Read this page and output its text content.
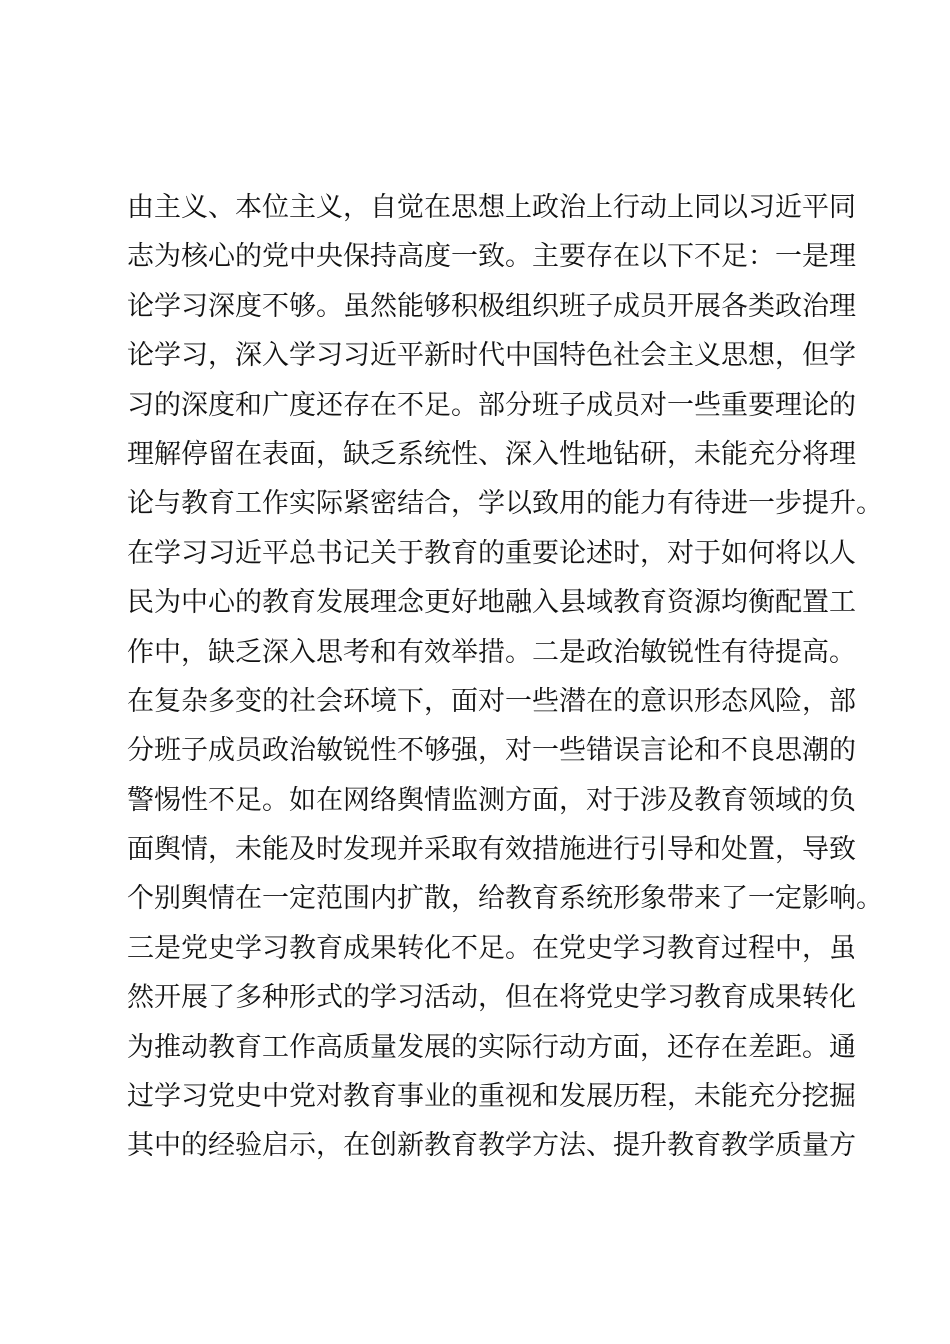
由主义、本位主义，自觉在思想上政治上行动上同以习近平同
志为核心的党中央保持高度一致。主要存在以下不足：一是理
论学习深度不够。虽然能够积极组织班子成员开展各类政治理
论学习，深入学习习近平新时代中国特色社会主义思想，但学
习的深度和广度还存在不足。部分班子成员对一些重要理论的
理解停留在表面，缺乏系统性、深入性地钻研，未能充分将理
论与教育工作实际紧密结合，学以致用的能力有待进一步提升。
在学习习近平总书记关于教育的重要论述时，对于如何将以人
民为中心的教育发展理念更好地融入县域教育资源均衡配置工
作中，缺乏深入思考和有效举措。二是政治敏锐性有待提高。
在复杂多变的社会环境下，面对一些潜在的意识形态风险，部
分班子成员政治敏锐性不够强，对一些错误言论和不良思潮的
警惕性不足。如在网络舆情监测方面，对于涉及教育领域的负
面舆情，未能及时发现并采取有效措施进行引导和处置，导致
个别舆情在一定范围内扩散，给教育系统形象带来了一定影响。
三是党史学习教育成果转化不足。在党史学习教育过程中，虽
然开展了多种形式的学习活动，但在将党史学习教育成果转化
为推动教育工作高质量发展的实际行动方面，还存在差距。通
过学习党史中党对教育事业的重视和发展历程，未能充分挖掘
其中的经验启示，在创新教育教学方法、提升教育教学质量方
